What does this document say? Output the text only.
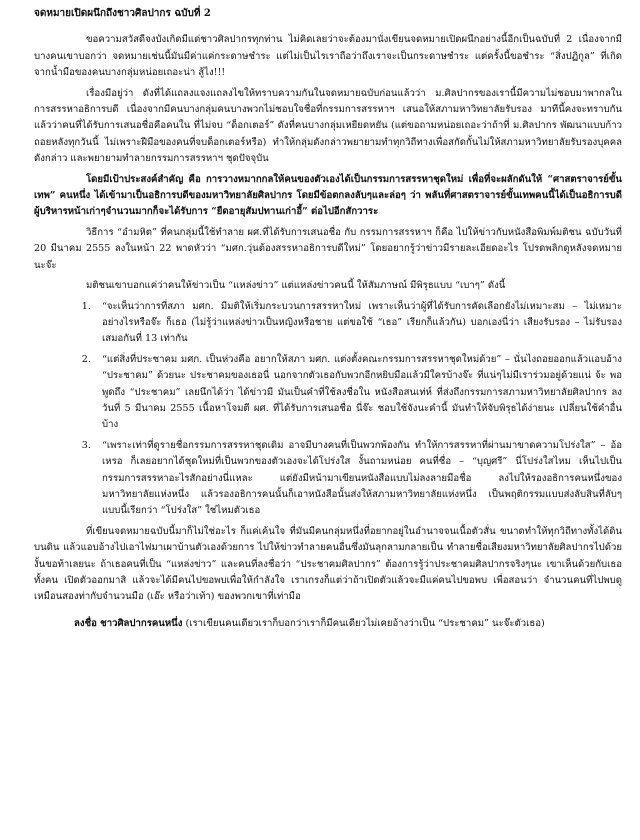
จดหมายเปิดผนึกถึงชาวศิลปากร ฉบับที่ 2

ขอความสวัสดีจงบังเกิดมีแด่ชาวศิลปากรทุกท่าน ไม่คิดเลยว่าจะต้องมานั่งเขียนจดหมายเปิดผนึกอย่างนี้อีกเป็นฉบับที่ 2 เนื่องจากมีบางคนเขาบอกว่า จดหมายเช่นนี้มันมีค่าแค่กระดาษชำระ แต่ไม่เป็นไรเราถือว่าถึงเราจะเป็นกระดาษชำระ แต่ครั้งนี้ขอชำระ “สิ่งปฏิกูล” ที่เกิดจากน้ำมือของคนบางกลุ่มหน่อยเถอะน่า สู้ไง!!!

เรื่องมีอยู่ว่า ดังที่ได้แถลงแจงแถลงไขให้ทราบความกันในจดหมายฉบับก่อนแล้วว่า ม.ศิลปากรของเรานี้มีความไม่ชอบมาพากลในการสรรหาอธิการบดี เนื่องจากมีคนบางกลุ่มคนบางพวกไม่ชอบใจชื่อที่กรรมการสรรหาฯ เสนอให้สภามหาวิทยาลัยรับรอง มาทีนี้คงจะทราบกันแล้วว่าคนที่ได้รับการเสนอชื่อคือคนใน ที่ไม่จบ “ด็อกเตอร์” ดังที่คนบางกลุ่มเหยียดหยัน (แต่ขอถามหน่อยเถอะว่าถ้าที่ ม.ศิลปากร พัฒนาแบบก้าวถอยหลังทุกวันนี้ ไม่เพราะฝีมือของคนที่จบด็อกเตอร์หรือ) ทำให้กลุ่มดังกล่าวพยายามทำทุกวิถีทางเพื่อสกัดกั้นไม่ให้สภามหาวิทยาลัยรับรองบุคคลดังกล่าว และพยายามทำลายกรรมการสรรหาฯ ชุดปัจจุบัน

โดยมีเป้าประสงค์สำคัญ คือ การวางหมากกลให้คนของตัวเองได้เป็นกรรมการสรรหาชุดใหม่ เพื่อที่จะผลักดันให้ “ศาสตราจารย์ขั้นเทพ” คนหนึ่ง ได้เข้ามาเป็นอธิการบดีของมหาวิทยาลัยศิลปากร โดยมีข้อตกลงลับๆและล่อๆ ว่า พลันที่ศาสตราจารย์ขั้นเทพคนนี้ได้เป็นอธิการบดี ผู้บริหารหน้าเก่าๆจำนวนมากก็จะได้รับการ “ยืดอายุสัมปทานเก่าอี้” ต่อไปอีกสักวาระ

วิธีการ “อำมหิต” ที่คนกลุ่มนี้ใช้ทำลาย ผศ.ที่ได้รับการเสนอชื่อ กับ กรรมการสรรหาฯ ก็คือ ไปให้ข่าวกับหนังสือพิมพ์มติชน ฉบับวันที่ 20 มีนาคม 2555 ลงในหน้า 22 พาดหัวว่า “มศก.วุ่นต้องสรรหาอธิการบดีใหม่” โดยอยากรู้ว่าข่าวมีรายละเอียดอะไร โปรดพลิกดูหลังจดหมายนะจ๊ะ

มติชนเขาบอกแค่ว่าคนให้ข่าวเป็น “แหล่งข่าว” แต่แหล่งข่าวคนนี้ ให้สัมภาษณ์ มีพิรุธแบบ “เบาๆ” ดังนี้

1. “จะเห็นว่าการที่สภา มศก. มีมติให้เริ่มกระบวนการสรรหาใหม่ เพราะเห็นว่าผู้ที่ได้รับการคัดเลือกยังไม่เหมาะสม – ไม่เหมาะอย่างไรหรือจ๊ะ ก็เธอ (ไม่รู้ว่าแหล่งข่าวเป็นหญิงหรือชาย แต่ขอใช้ “เธอ” เรียกก็แล้วกัน) บอกเองนี่ว่า เสียงรับรอง – ไม่รับรองเสมอกันที่ 13 เท่ากัน
2. “แต่สิ่งที่ประชาคม มศก. เป็นห่วงคือ อยากให้สภา มศก. แต่งตั้งคณะกรรมการสรรหาชุดใหม่ด้วย” – นั่นไงถอยออกแล้วแอบอ้าง “ประชาคม” ด้วยนะ ประชาคมของเธอนี่ นอกจากตัวเธอกับพวกอีกหยิบมือแล้วมีใครบ้างจ๊ะ ที่แน่ๆไม่มีเราร่วมอยู่ด้วยแน่ จ้ะ พอพูดถึง “ประชาคม” เลยนึกได้ว่า ได้ข่าวมี มันเป็นคำที่ใช้ลงชื่อใน หนังสือสนเท่ห์ ที่ส่งถึงกรรมการสภามหาวิทยาลัยศิลปากร ลงวันที่ 5 มีนาคม 2555 เนื้อหาโจมตี ผศ. ที่ได้รับการเสนอชื่อ นี่จ๊ะ ชอบใช้จังนะคำนี้ มันทำให้จับพิรุธได้ง่ายนะ เปลี่ยนใช้คำอื่นบ้าง
3. “เพราะเท่าที่ดูรายชื่อกรรมการสรรหาชุดเดิม อาจมีบางคนที่เป็นพวกพ้องกัน ทำให้การสรรหาที่ผ่านมาขาดความโปร่งใส” – อ้อ เหรอ ก็เลยอยากได้ชุดใหม่ที่เป็นพวกของตัวเองจะได้โปร่งใส งั้นถามหน่อย คนที่ชื่อ – “บุญศรี” นี่โปร่งใสไหม เห็นไปเป็นกรรมการสรรหาอะไรสักอย่างนี่แหละ แต่ยังมีหน้ามาเขียนหนังสือแบบไม่ลงลายมือชื่อ ลงไปให้รองอธิการคนหนึ่งของมหาวิทยาลัยแห่งหนึ่ง แล้วรองอธิการคนนั้นก็เอาหนังสือนั้นส่งให้สภามหาวิทยาลัยแห่งหนึ่ง เป็นพฤติกรรมแบบส่งลับสินที่ลับๆ แบบนี้เรียกว่า “โปร่งใส” ใช่ไหมตัวเธอ

ที่เขียนจดหมายฉบับนี้มาก็ไม่ใช่อะไร ก็แค่เค้นใจ ที่มันมีคนกลุ่มหนึ่งที่อยากอยู่ในอำนาจจนเนื้อตัวสั่น ขนาดทำให้ทุกวิถีทางทั้งได้ดิน บนดิน แล้วแอบอ้างไปเอาไฟมาเผาบ้านตัวเองด้วยการ ไปให้ข่าวทำลายคนอื่นซึ่งมันลุกลามกลายเป็น ทำลายชื่อเสียงมหาวิทยาลัยศิลปากรไปด้วย งั้นขอท้าเลยนะ ถ้าเธอคนที่เป็น “แหล่งข่าว” และคนที่ลงชื่อว่า “ประชาคมศิลปากร” ต้องการรู้ว่าประชาคมศิลปากรจริงๆนะ เขาเห็นด้วยกับเธอทั้งคน เปิดตัวออกมาสิ แล้วจะได้มีคนไปขอพบเพื่อให้กำลังใจ เราเกรงก็แต่ว่าถ้าเปิดตัวแล้วจะมีแค่คนไปขอพบ เพื่อสอนว่า จำนวนคนที่ไปพบดูเหมือนสองท่ากับจำนวนมือ (เอ๊ะ หรือว่าเท้า) ของพวกเขาที่เท่ามือ

ลงชื่อ ชาวศิลปากรคนหนึ่ง (เราเขียนคนเดียวเราก็บอกว่าเราก็มีคนเดียวไม่เคยอ้างว่าเป็น “ประชาคม” นะจ๊ะตัวเธอ)
